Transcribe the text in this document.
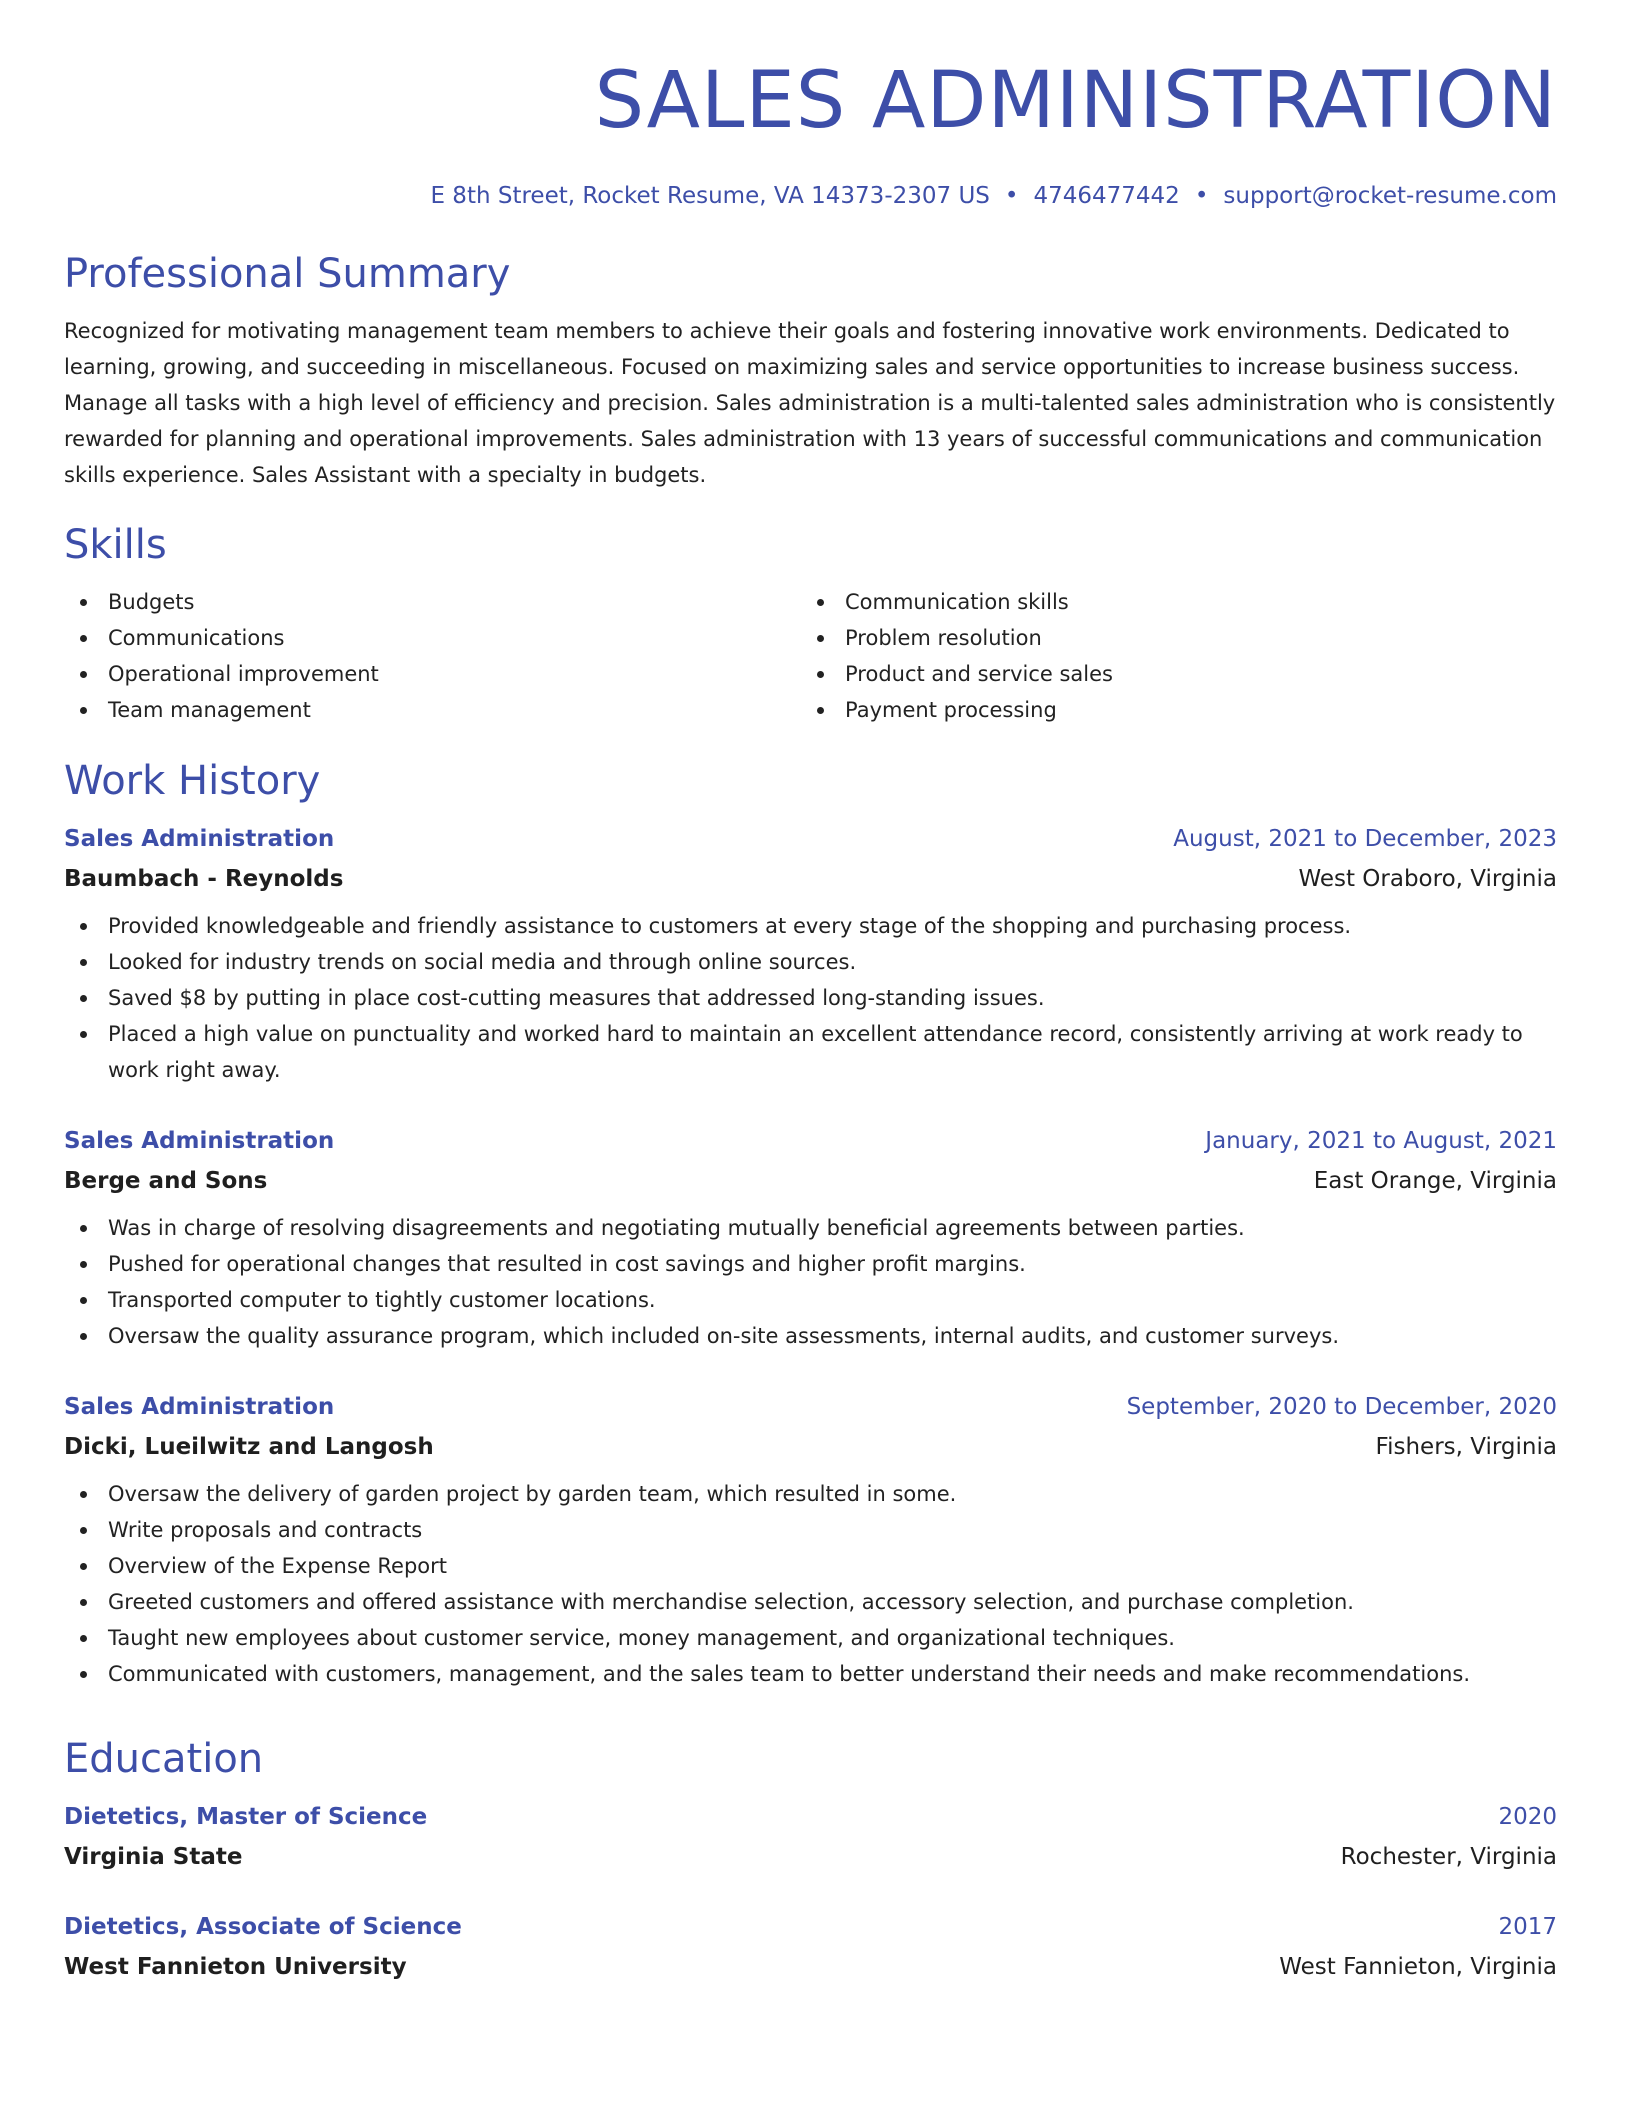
SALES ADMINISTRATION
E 8th Street, Rocket Resume, VA 14373-2307 US • 4746477442 • support@rocket-resume.com
Professional Summary
Recognized for motivating management team members to achieve their goals and fostering innovative work environments. Dedicated to learning, growing, and succeeding in miscellaneous. Focused on maximizing sales and service opportunities to increase business success. Manage all tasks with a high level of efficiency and precision. Sales administration is a multi-talented sales administration who is consistently rewarded for planning and operational improvements. Sales administration with 13 years of successful communications and communication skills experience. Sales Assistant with a specialty in budgets.
Skills
Budgets
Communications
Operational improvement
Team management
Communication skills
Problem resolution
Product and service sales
Payment processing
Work History
Sales Administration	August, 2021 to December, 2023
Baumbach - Reynolds	West Oraboro, Virginia
Provided knowledgeable and friendly assistance to customers at every stage of the shopping and purchasing process.
Looked for industry trends on social media and through online sources.
Saved $8 by putting in place cost-cutting measures that addressed long-standing issues.
Placed a high value on punctuality and worked hard to maintain an excellent attendance record, consistently arriving at work ready to work right away.
Sales Administration	January, 2021 to August, 2021
Berge and Sons	East Orange, Virginia
Was in charge of resolving disagreements and negotiating mutually beneficial agreements between parties.
Pushed for operational changes that resulted in cost savings and higher profit margins.
Transported computer to tightly customer locations.
Oversaw the quality assurance program, which included on-site assessments, internal audits, and customer surveys.
Sales Administration	September, 2020 to December, 2020
Dicki, Lueilwitz and Langosh	Fishers, Virginia
Oversaw the delivery of garden project by garden team, which resulted in some.
Write proposals and contracts
Overview of the Expense Report
Greeted customers and offered assistance with merchandise selection, accessory selection, and purchase completion.
Taught new employees about customer service, money management, and organizational techniques.
Communicated with customers, management, and the sales team to better understand their needs and make recommendations.
Education
Dietetics, Master of Science	2020
Virginia State	Rochester, Virginia
Dietetics, Associate of Science	2017
West Fannieton University	West Fannieton, Virginia
